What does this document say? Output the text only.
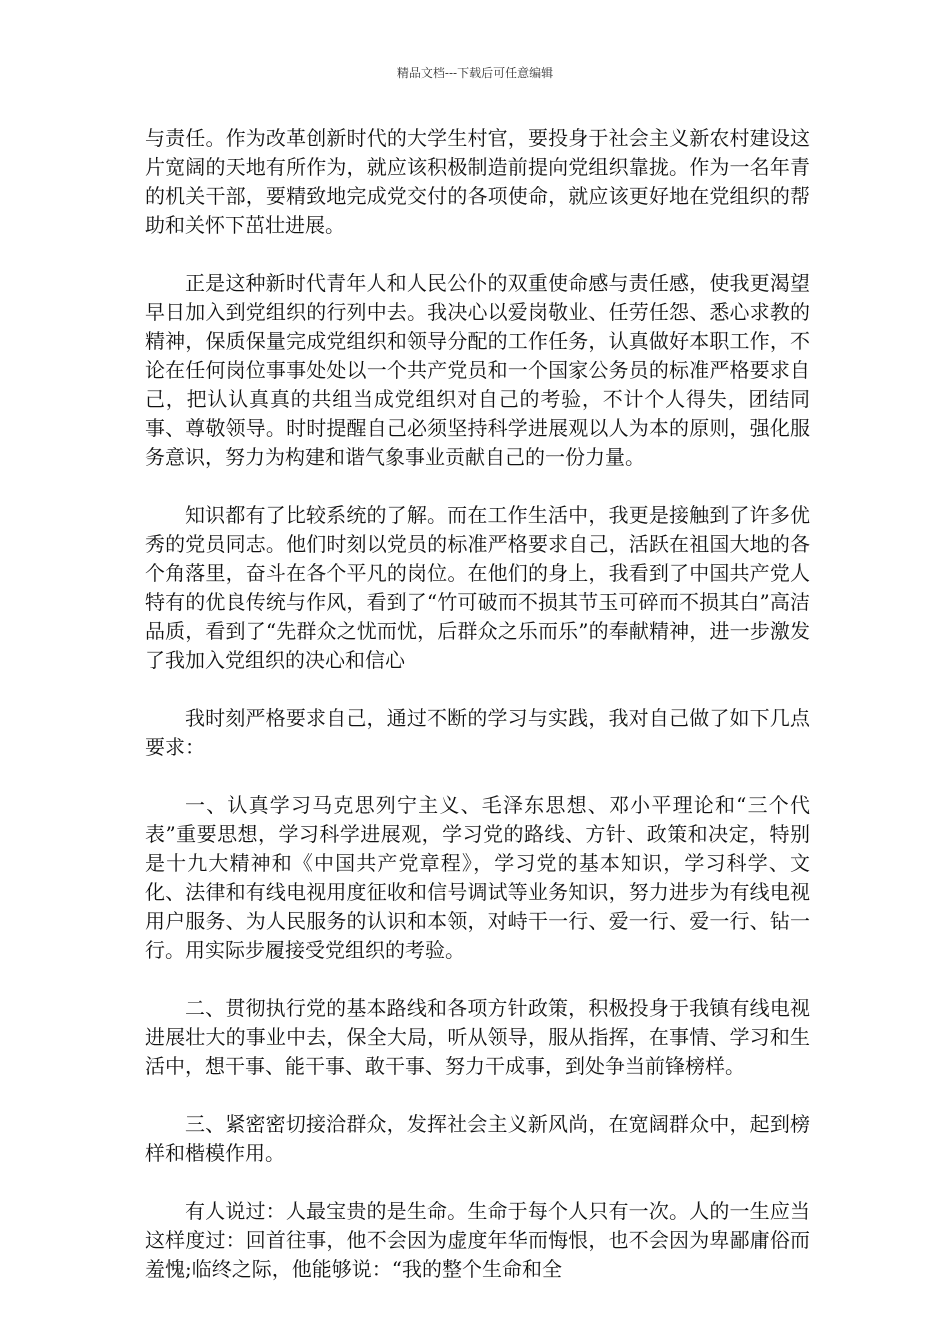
精品文档---下载后可任意编辑

与责任。作为改革创新时代的大学生村官，要投身于社会主义新农村建设这片宽阔的天地有所作为，就应该积极制造前提向党组织靠拢。作为一名年青的机关干部，要精致地完成党交付的各项使命，就应该更好地在党组织的帮助和关怀下茁壮进展。

正是这种新时代青年人和人民公仆的双重使命感与责任感，使我更渴望早日加入到党组织的行列中去。我决心以爱岗敬业、任劳任怨、悉心求教的精神，保质保量完成党组织和领导分配的工作任务，认真做好本职工作，不论在任何岗位事事处处以一个共产党员和一个国家公务员的标准严格要求自己，把认认真真的共组当成党组织对自己的考验，不计个人得失，团结同事、尊敬领导。时时提醒自己必须坚持科学进展观以人为本的原则，强化服务意识，努力为构建和谐气象事业贡献自己的一份力量。

知识都有了比较系统的了解。而在工作生活中，我更是接触到了许多优秀的党员同志。他们时刻以党员的标准严格要求自己，活跃在祖国大地的各个角落里，奋斗在各个平凡的岗位。在他们的身上，我看到了中国共产党人特有的优良传统与作风，看到了“竹可破而不损其节玉可碎而不损其白”高洁品质，看到了“先群众之忧而忧，后群众之乐而乐”的奉献精神，进一步激发了我加入党组织的决心和信心

我时刻严格要求自己，通过不断的学习与实践，我对自己做了如下几点要求：

一、认真学习马克思列宁主义、毛泽东思想、邓小平理论和“三个代表”重要思想，学习科学进展观，学习党的路线、方针、政策和决定，特别是十九大精神和《中国共产党章程》，学习党的基本知识，学习科学、文化、法律和有线电视用度征收和信号调试等业务知识，努力进步为有线电视用户服务、为人民服务的认识和本领，对峙干一行、爱一行、爱一行、钻一行。用实际步履接受党组织的考验。

二、贯彻执行党的基本路线和各项方针政策，积极投身于我镇有线电视进展壮大的事业中去，保全大局，听从领导，服从指挥，在事情、学习和生活中，想干事、能干事、敢干事、努力干成事，到处争当前锋榜样。

三、紧密密切接洽群众，发挥社会主义新风尚，在宽阔群众中，起到榜样和楷模作用。

有人说过：人最宝贵的是生命。生命于每个人只有一次。人的一生应当这样度过：回首往事，他不会因为虚度年华而悔恨，也不会因为卑鄙庸俗而羞愧;临终之际，他能够说：“我的整个生命和全
